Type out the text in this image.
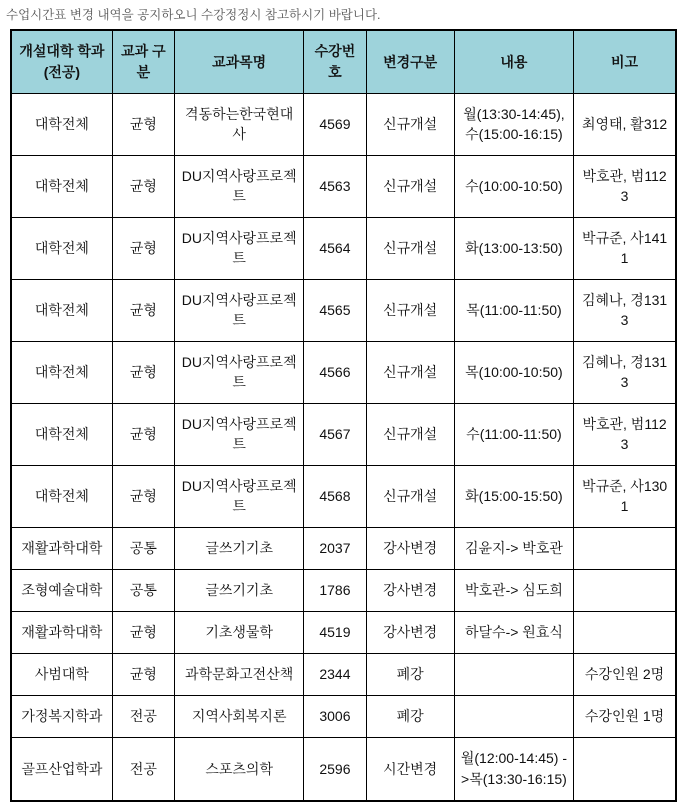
수업시간표 변경 내역을 공지하오니 수강정정시 참고하시기 바랍니다.

개설대학 학과(전공)	교과 구분	교과목명	수강번호	변경구분	내용	비고
대학전체	균형	격동하는한국현대사	4569	신규개설	월(13:30-14:45), 수(15:00-16:15)	최영태, 활312
대학전체	균형	DU지역사랑프로젝트	4563	신규개설	수(10:00-10:50)	박호관, 범1123
대학전체	균형	DU지역사랑프로젝트	4564	신규개설	화(13:00-13:50)	박규준, 사1411
대학전체	균형	DU지역사랑프로젝트	4565	신규개설	목(11:00-11:50)	김혜나, 경1313
대학전체	균형	DU지역사랑프로젝트	4566	신규개설	목(10:00-10:50)	김혜나, 경1313
대학전체	균형	DU지역사랑프로젝트	4567	신규개설	수(11:00-11:50)	박호관, 범1123
대학전체	균형	DU지역사랑프로젝트	4568	신규개설	화(15:00-15:50)	박규준, 사1301
재활과학대학	공통	글쓰기기초	2037	강사변경	김윤지-> 박호관	
조형예술대학	공통	글쓰기기초	1786	강사변경	박호관-> 심도희	
재활과학대학	균형	기초생물학	4519	강사변경	하달수-> 원효식	
사범대학	균형	과학문화고전산책	2344	폐강		수강인원 2명
가정복지학과	전공	지역사회복지론	3006	폐강		수강인원 1명
골프산업학과	전공	스포츠의학	2596	시간변경	월(12:00-14:45) ->목(13:30-16:15)	
